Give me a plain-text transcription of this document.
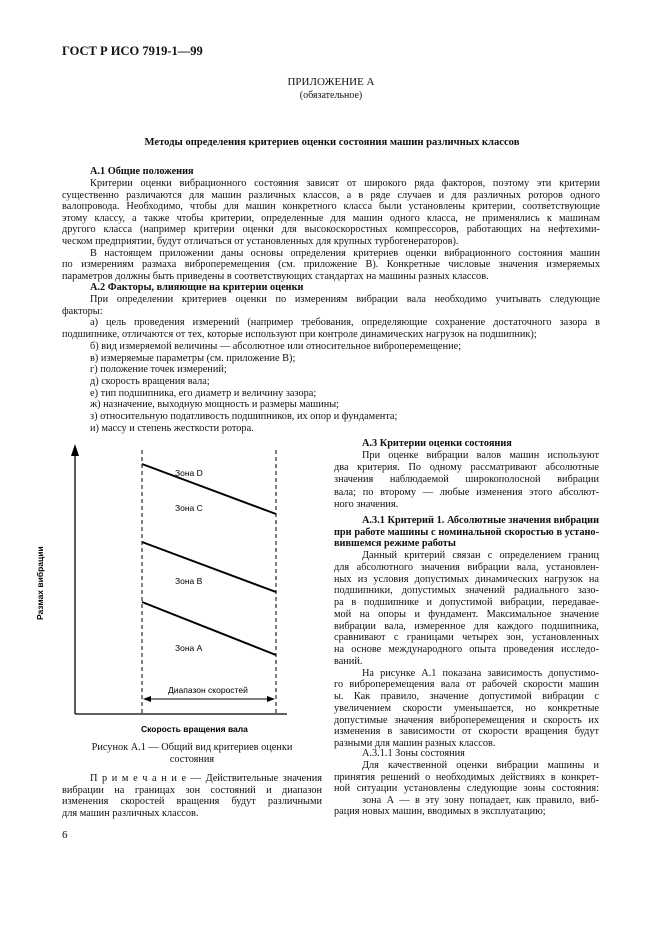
ГОСТ Р ИСО 7919-1—99
ПРИЛОЖЕНИЕ А
(обязательное)
Методы определения критериев оценки состояния машин различных классов
А.1 Общие положения
Критерии оценки вибрационного состояния зависят от широкого ряда факторов, поэтому эти критерии
существенно различаются для машин различных классов, а в ряде случаев и для различных роторов одного
валопровода. Необходимо, чтобы для машин конкретного класса были установлены критерии, соответствующие
этому классу, а также чтобы критерии, определенные для машин одного класса, не применялись к машинам
другого класса (например критерии оценки для высокоскоростных компрессоров, работающих на нефтехими-
ческом предприятии, будут отличаться от установленных для крупных турбогенераторов).
В настоящем приложении даны основы определения критериев оценки вибрационного состояния машин
по измерениям размаха виброперемещения (см. приложение В). Конкретные числовые значения измеряемых
параметров должны быть приведены в соответствующих стандартах на машины разных классов.
А.2 Факторы, влияющие на критерии оценки
При определении критериев оценки по измерениям вибрации вала необходимо учитывать следующие
факторы:
а) цель проведения измерений (например требования, определяющие сохранение достаточного зазора в
подшипнике, отличаются от тех, которые используют при контроле динамических нагрузок на подшипник);
б) вид измеряемой величины — абсолютное или относительное виброперемещение;
в) измеряемые параметры (см. приложение В);
г) положение точек измерений;
д) скорость вращения вала;
е) тип подшипника, его диаметр и величину зазора;
ж) назначение, выходную мощность и размеры машины;
з) относительную податливость подшипников, их опор и фундамента;
и) массу и степень жесткости ротора.
Зона D
Зона С
Зона В
Зона А
Диапазон скоростей
Скорость вращения вала
Размах вибрации
Рисунок А.1 — Общий вид критериев оценки
состояния
П р и м е ч а н и е — Действительные значения
вибрации на границах зон состояний и диапазон
изменения скоростей вращения будут различными
для машин различных классов.
А.3 Критерии оценки состояния
При оценке вибрации валов машин используют
два критерия. По одному рассматривают абсолютные
значения наблюдаемой широкополосной вибрации
вала; по второму — любые изменения этого абсолют-
ного значения.
А.3.1 Критерий 1. Абсолютные значения вибрации
при работе машины с номинальной скоростью в устано-
вившемся режиме работы
Данный критерий связан с определением границ
для абсолютного значения вибрации вала, установлен-
ных из условия допустимых динамических нагрузок на
подшипники, допустимых значений радиального зазо-
ра в подшипнике и допустимой вибрации, передавае-
мой на опоры и фундамент. Максимальное значение
вибрации вала, измеренное для каждого подшипника,
сравнивают с границами четырех зон, установленных
на основе международного опыта проведения исследо-
ваний.
На рисунке А.1 показана зависимость допустимо-
го виброперемещения вала от рабочей скорости машин
ы. Как правило, значение допустимой вибрации с
увеличением скорости уменьшается, но конкретные
допустимые значения виброперемещения и скорость их
изменения в зависимости от скорости вращения будут
разными для машин разных классов.
А.3.1.1 Зоны состояния
Для качественной оценки вибрации машины и
принятия решений о необходимых действиях в конкрет-
ной ситуации установлены следующие зоны состояния:
зона А — в эту зону попадает, как правило, виб-
рация новых машин, вводимых в эксплуатацию;
6
